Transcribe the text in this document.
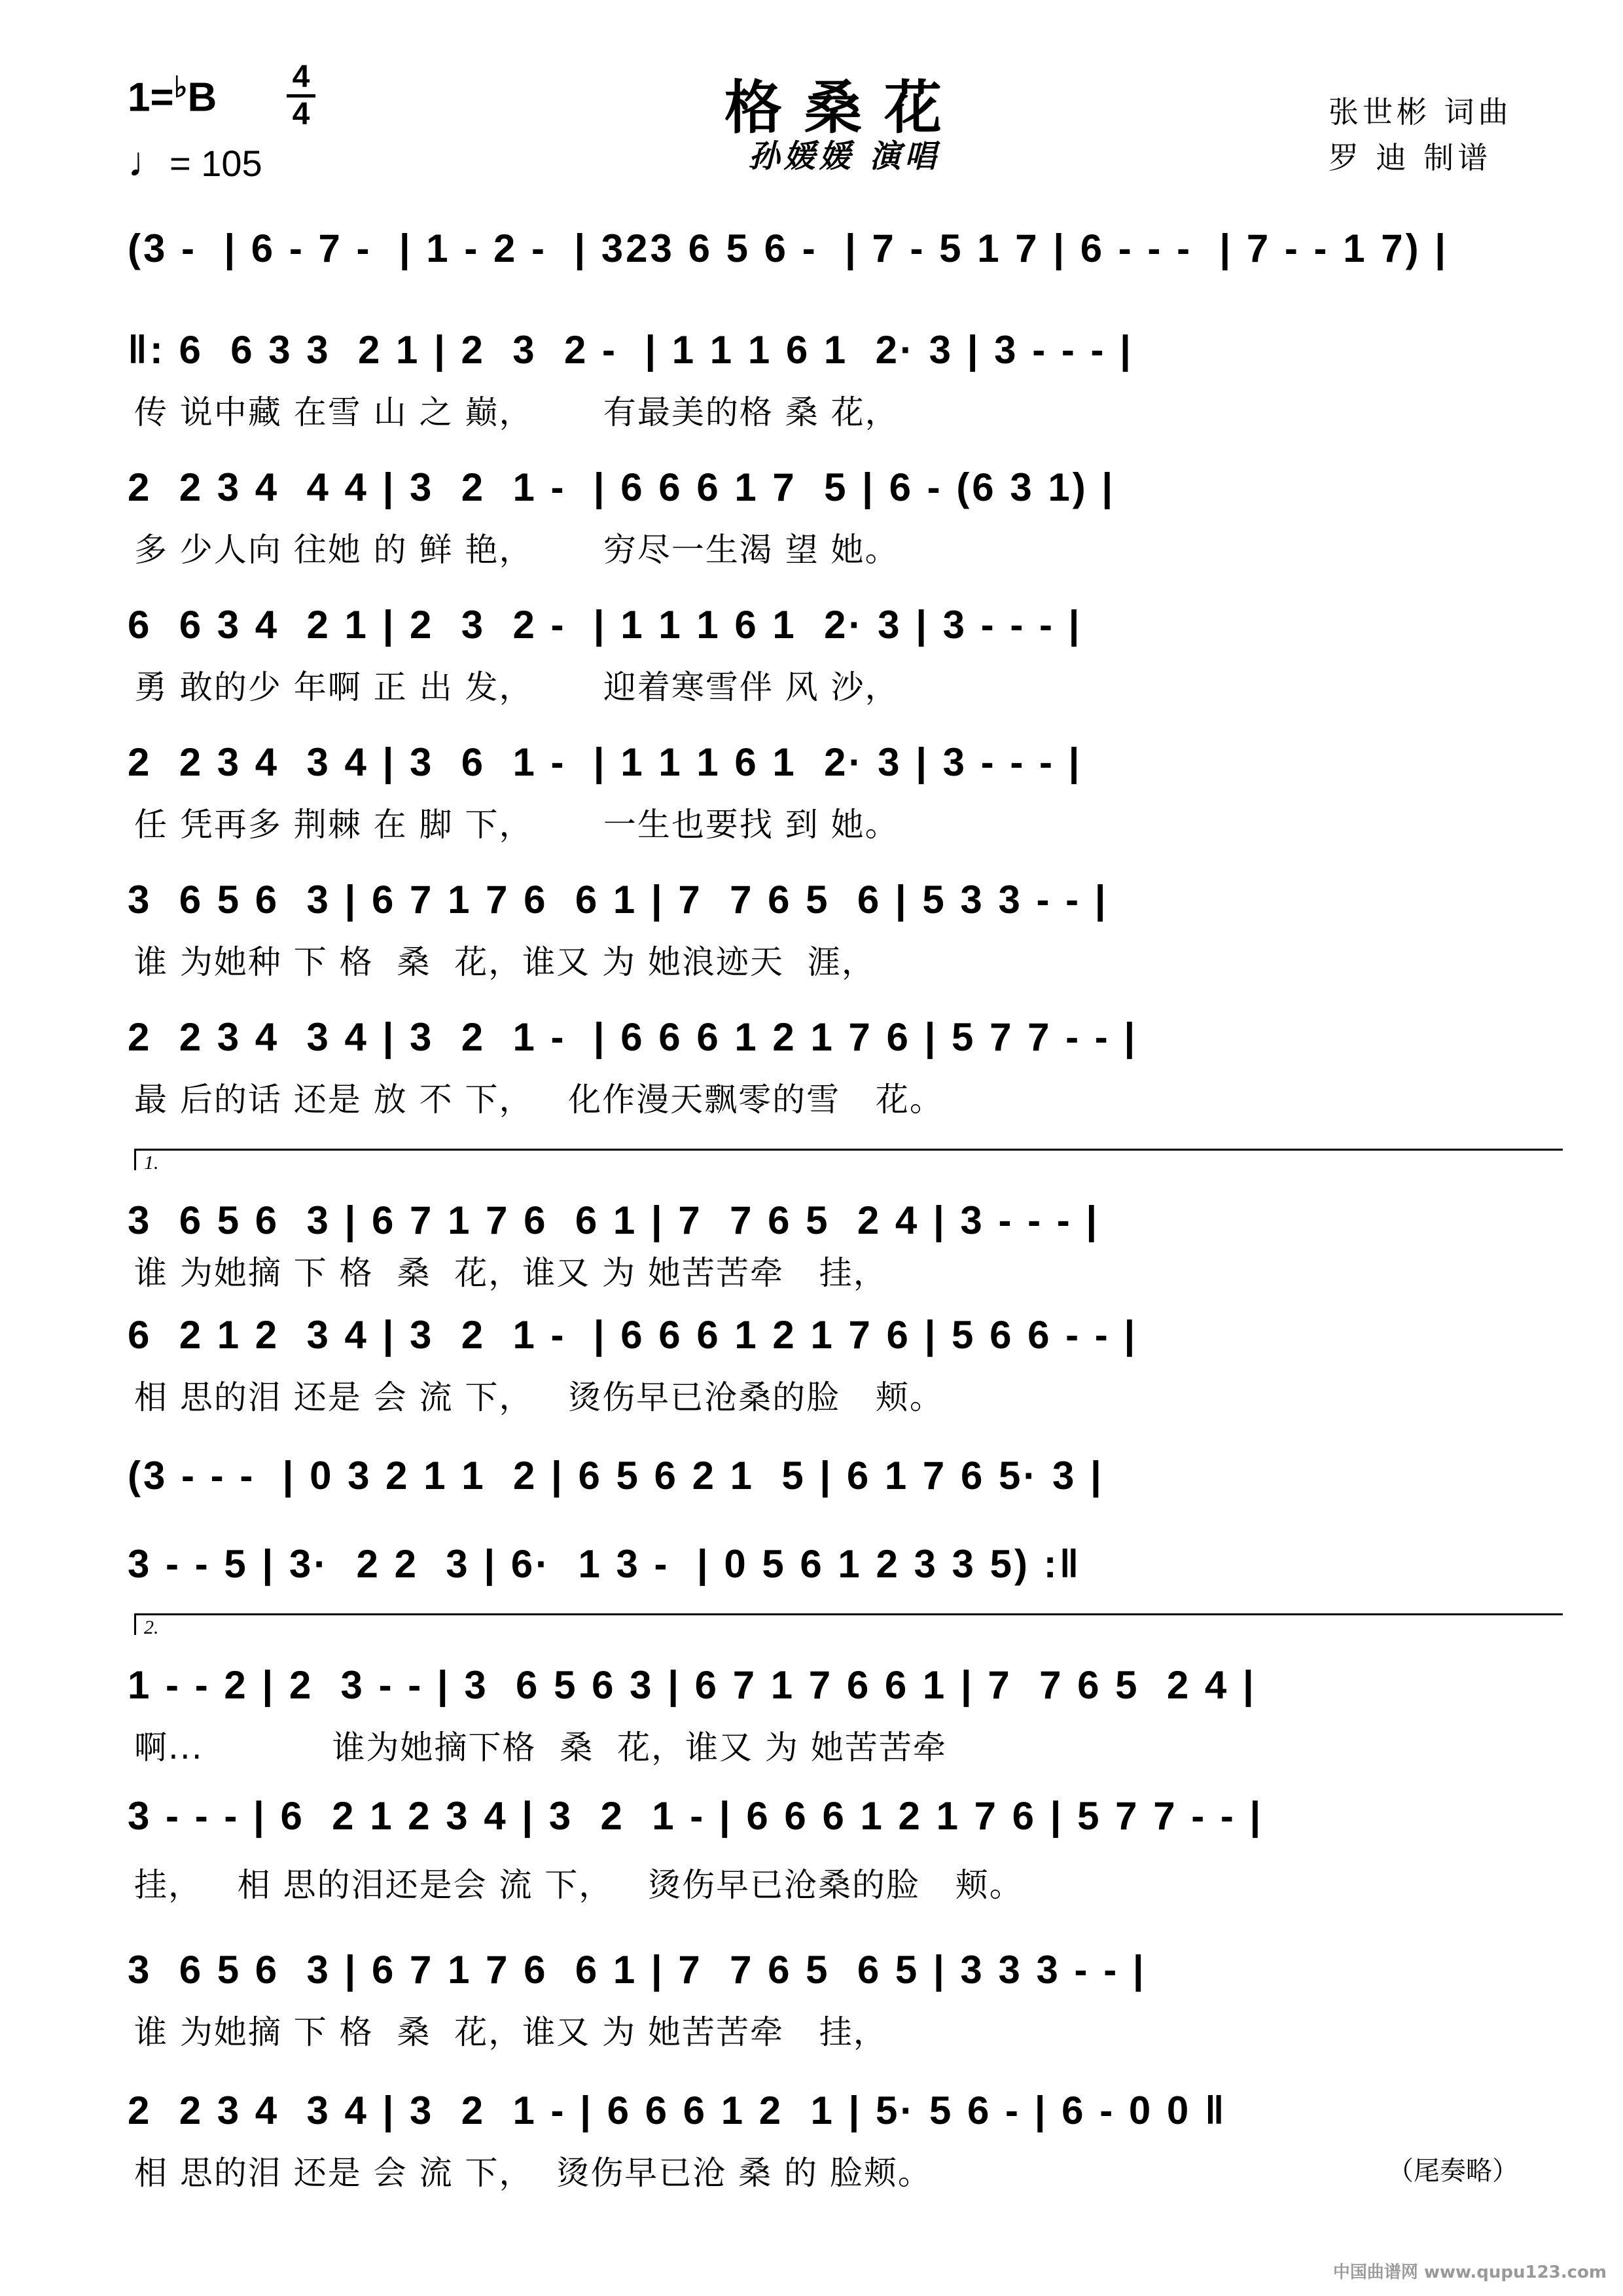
1=♭B 4
4
♩= 105
格桑花
孙媛媛 演唱
张世彬 词曲
罗 迪 制谱
(3 -  | 6 - 7 -  | 1 - 2 -  | 323 6 5 6 -  | 7 - 5 1 7 | 6 - - -  | 7 - - 1 7) |
‖: 6  6 3 3  2 1 | 2  3  2 -  | 1 1 1 6 1  2· 3 | 3 - - - |
传 说中藏 在雪 山 之 巅，      有最美的格 桑 花，
2  2 3 4  4 4 | 3  2  1 -  | 6 6 6 1 7  5 | 6 - (6 3 1) |
多 少人向 往她 的 鲜 艳，      穷尽一生渴 望 她。
6  6 3 4  2 1 | 2  3  2 -  | 1 1 1 6 1  2· 3 | 3 - - - |
勇 敢的少 年啊 正 出 发，      迎着寒雪伴 风 沙，
2  2 3 4  3 4 | 3  6  1 -  | 1 1 1 6 1  2· 3 | 3 - - - |
任 凭再多 荆棘 在 脚 下，      一生也要找 到 她。
3  6 5 6  3 | 6 7 1 7 6  6 1 | 7  7 6 5  6 | 5 3 3 - - |
谁 为她种 下 格  桑  花，谁又 为 她浪迹天  涯，
2  2 3 4  3 4 | 3  2  1 -  | 6 6 6 1 2 1 7 6 | 5 7 7 - - |
最 后的话 还是 放 不 下，   化作漫天飘零的雪   花。
1.
3  6 5 6  3 | 6 7 1 7 6  6 1 | 7  7 6 5  2 4 | 3 - - - |
谁 为她摘 下 格  桑  花，谁又 为 她苦苦牵   挂，
6  2 1 2  3 4 | 3  2  1 -  | 6 6 6 1 2 1 7 6 | 5 6 6 - - |
相 思的泪 还是 会 流 下，   烫伤早已沧桑的脸   颊。
(3 - - -  | 0 3 2 1 1  2 | 6 5 6 2 1  5 | 6 1 7 6 5· 3 |
3 - - 5 | 3·  2 2  3 | 6·  1 3 -  | 0 5 6 1 2 3 3 5) :‖
2.
1 - - 2 | 2  3 - - | 3  6 5 6 3 | 6 7 1 7 6 6 1 | 7  7 6 5  2 4 |
啊...           谁为她摘下格  桑  花，谁又 为 她苦苦牵
3 - - - | 6  2 1 2 3 4 | 3  2  1 - | 6 6 6 1 2 1 7 6 | 5 7 7 - - |
挂，   相 思的泪还是会 流 下，   烫伤早已沧桑的脸   颊。
3  6 5 6  3 | 6 7 1 7 6  6 1 | 7  7 6 5  6 5 | 3 3 3 - - |
谁 为她摘 下 格  桑  花，谁又 为 她苦苦牵   挂，
2  2 3 4  3 4 | 3  2  1 - | 6 6 6 1 2  1 | 5· 5 6 - | 6 - 0 0 ‖
相 思的泪 还是 会 流 下，  烫伤早已沧 桑 的 脸颊。	（尾奏略）
中国曲谱网 www.qupu123.com
